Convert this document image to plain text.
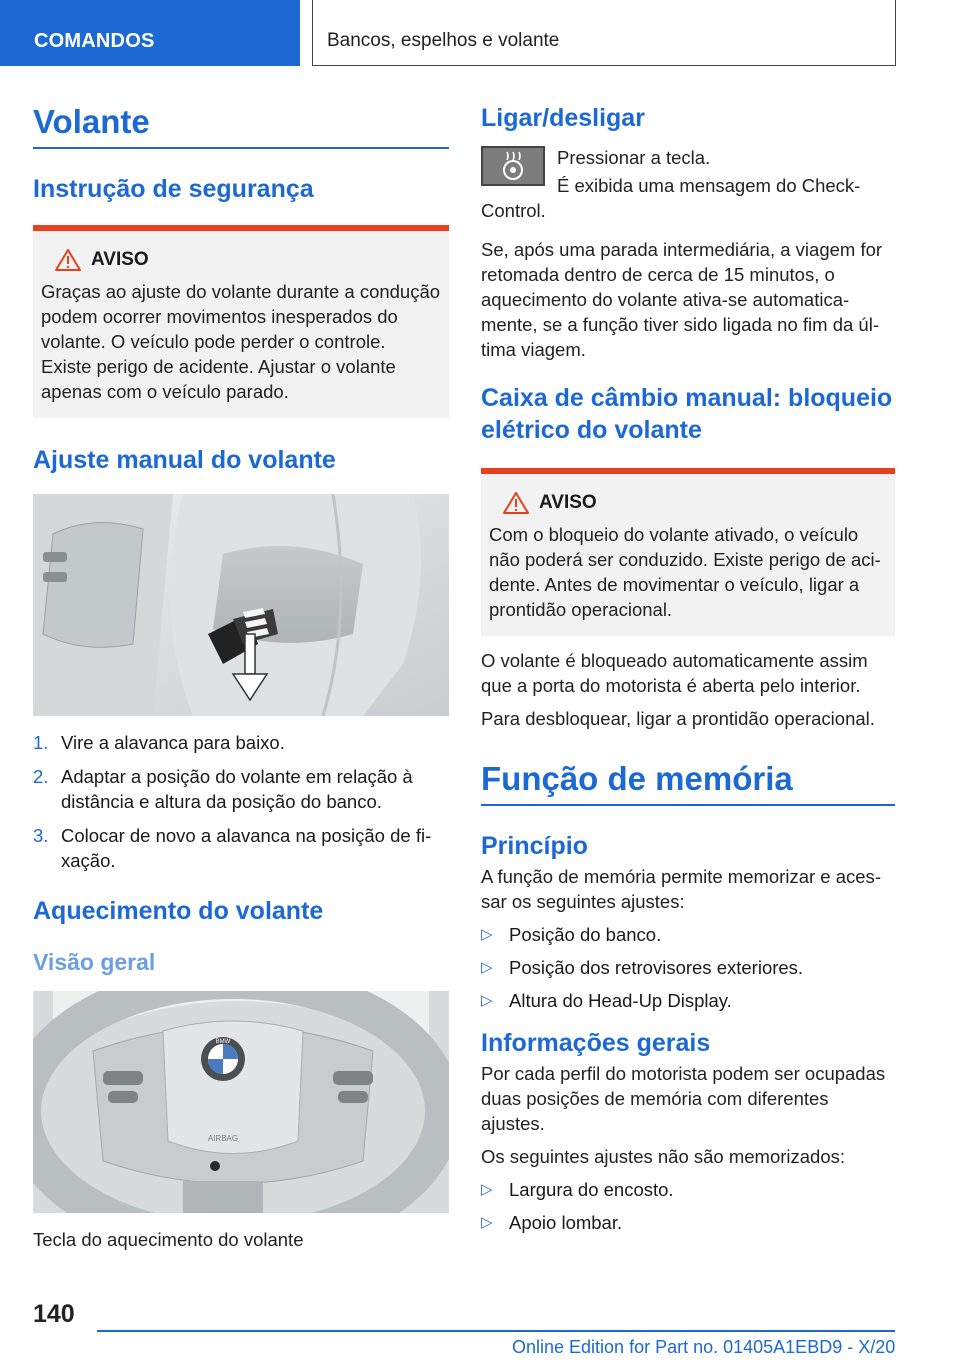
COMANDOS	Bancos, espelhos e volante
Volante
Instrução de segurança
AVISO

Graças ao ajuste do volante durante a condução podem ocorrer movimentos inesperados do volante. O veículo pode perder o controle. Existe perigo de acidente. Ajustar o volante apenas com o veículo parado.

Ajuste manual do volante
1. Vire a alavanca para baixo.
2. Adaptar a posição do volante em relação à distância e altura da posição do banco.
3. Colocar de novo a alavanca na posição de fixação.
Aquecimento do volante
Visão geral
BMW
AIRBAG

Tecla do aquecimento do volante

Ligar/desligar

Pressionar a tecla.

É exibida uma mensagem do Check-Control.

Se, após uma parada intermediária, a viagem for retomada dentro de cerca de 15 minutos, o aquecimento do volante ativa-se automaticamente, se a função tiver sido ligada no fim da última viagem.

Caixa de câmbio manual: bloqueio elétrico do volante
AVISO

Com o bloqueio do volante ativado, o veículo não poderá ser conduzido. Existe perigo de acidente. Antes de movimentar o veículo, ligar a prontidão operacional.

O volante é bloqueado automaticamente assim que a porta do motorista é aberta pelo interior.

Para desbloquear, ligar a prontidão operacional.

Função de memória
Princípio

A função de memória permite memorizar e acessar os seguintes ajustes:

▷ Posição do banco.
▷ Posição dos retrovisores exteriores.
▷ Altura do Head-Up Display.
Informações gerais

Por cada perfil do motorista podem ser ocupadas duas posições de memória com diferentes ajustes.

Os seguintes ajustes não são memorizados:

▷ Largura do encosto.
▷ Apoio lombar.
140
Online Edition for Part no. 01405A1EBD9 - X/20
